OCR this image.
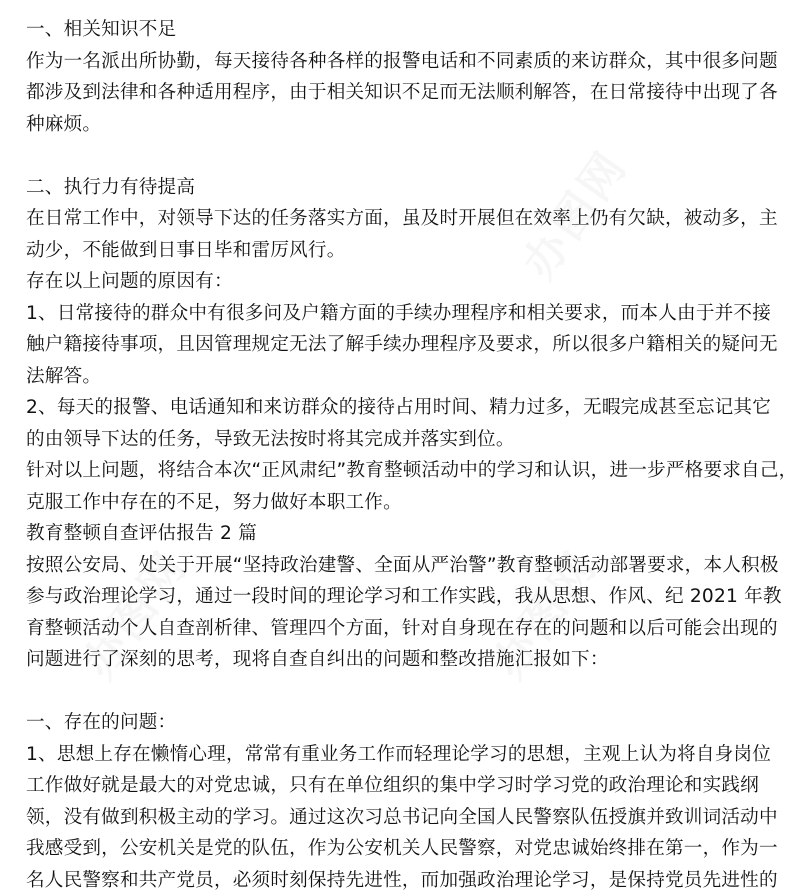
办图网
办图网	办图网
一、相关知识不足
作为一名派出所协勤，每天接待各种各样的报警电话和不同素质的来访群众，其中很多问题
都涉及到法律和各种适用程序，由于相关知识不足而无法顺利解答，在日常接待中出现了各
种麻烦。
二、执行力有待提高
在日常工作中，对领导下达的任务落实方面，虽及时开展但在效率上仍有欠缺，被动多，主
动少，不能做到日事日毕和雷厉风行。
存在以上问题的原因有：
1、日常接待的群众中有很多问及户籍方面的手续办理程序和相关要求，而本人由于并不接
触户籍接待事项，且因管理规定无法了解手续办理程序及要求，所以很多户籍相关的疑问无
法解答。
2、每天的报警、电话通知和来访群众的接待占用时间、精力过多，无暇完成甚至忘记其它
的由领导下达的任务，导致无法按时将其完成并落实到位。
针对以上问题，将结合本次“正风肃纪”教育整顿活动中的学习和认识，进一步严格要求自己，
克服工作中存在的不足，努力做好本职工作。
教育整顿自查评估报告 2 篇
按照公安局、处关于开展“坚持政治建警、全面从严治警”教育整顿活动部署要求，本人积极
参与政治理论学习，通过一段时间的理论学习和工作实践，我从思想、作风、纪 2021 年教
育整顿活动个人自查剖析律、管理四个方面，针对自身现在存在的问题和以后可能会出现的
问题进行了深刻的思考，现将自查自纠出的问题和整改措施汇报如下：
一、存在的问题：
1、思想上存在懒惰心理，常常有重业务工作而轻理论学习的思想，主观上认为将自身岗位
工作做好就是最大的对党忠诚，只有在单位组织的集中学习时学习党的政治理论和实践纲
领，没有做到积极主动的学习。通过这次习总书记向全国人民警察队伍授旗并致训词活动中
我感受到，公安机关是党的队伍，作为公安机关人民警察，对党忠诚始终排在第一，作为一
名人民警察和共产党员，必须时刻保持先进性，而加强政治理论学习，是保持党员先进性的
